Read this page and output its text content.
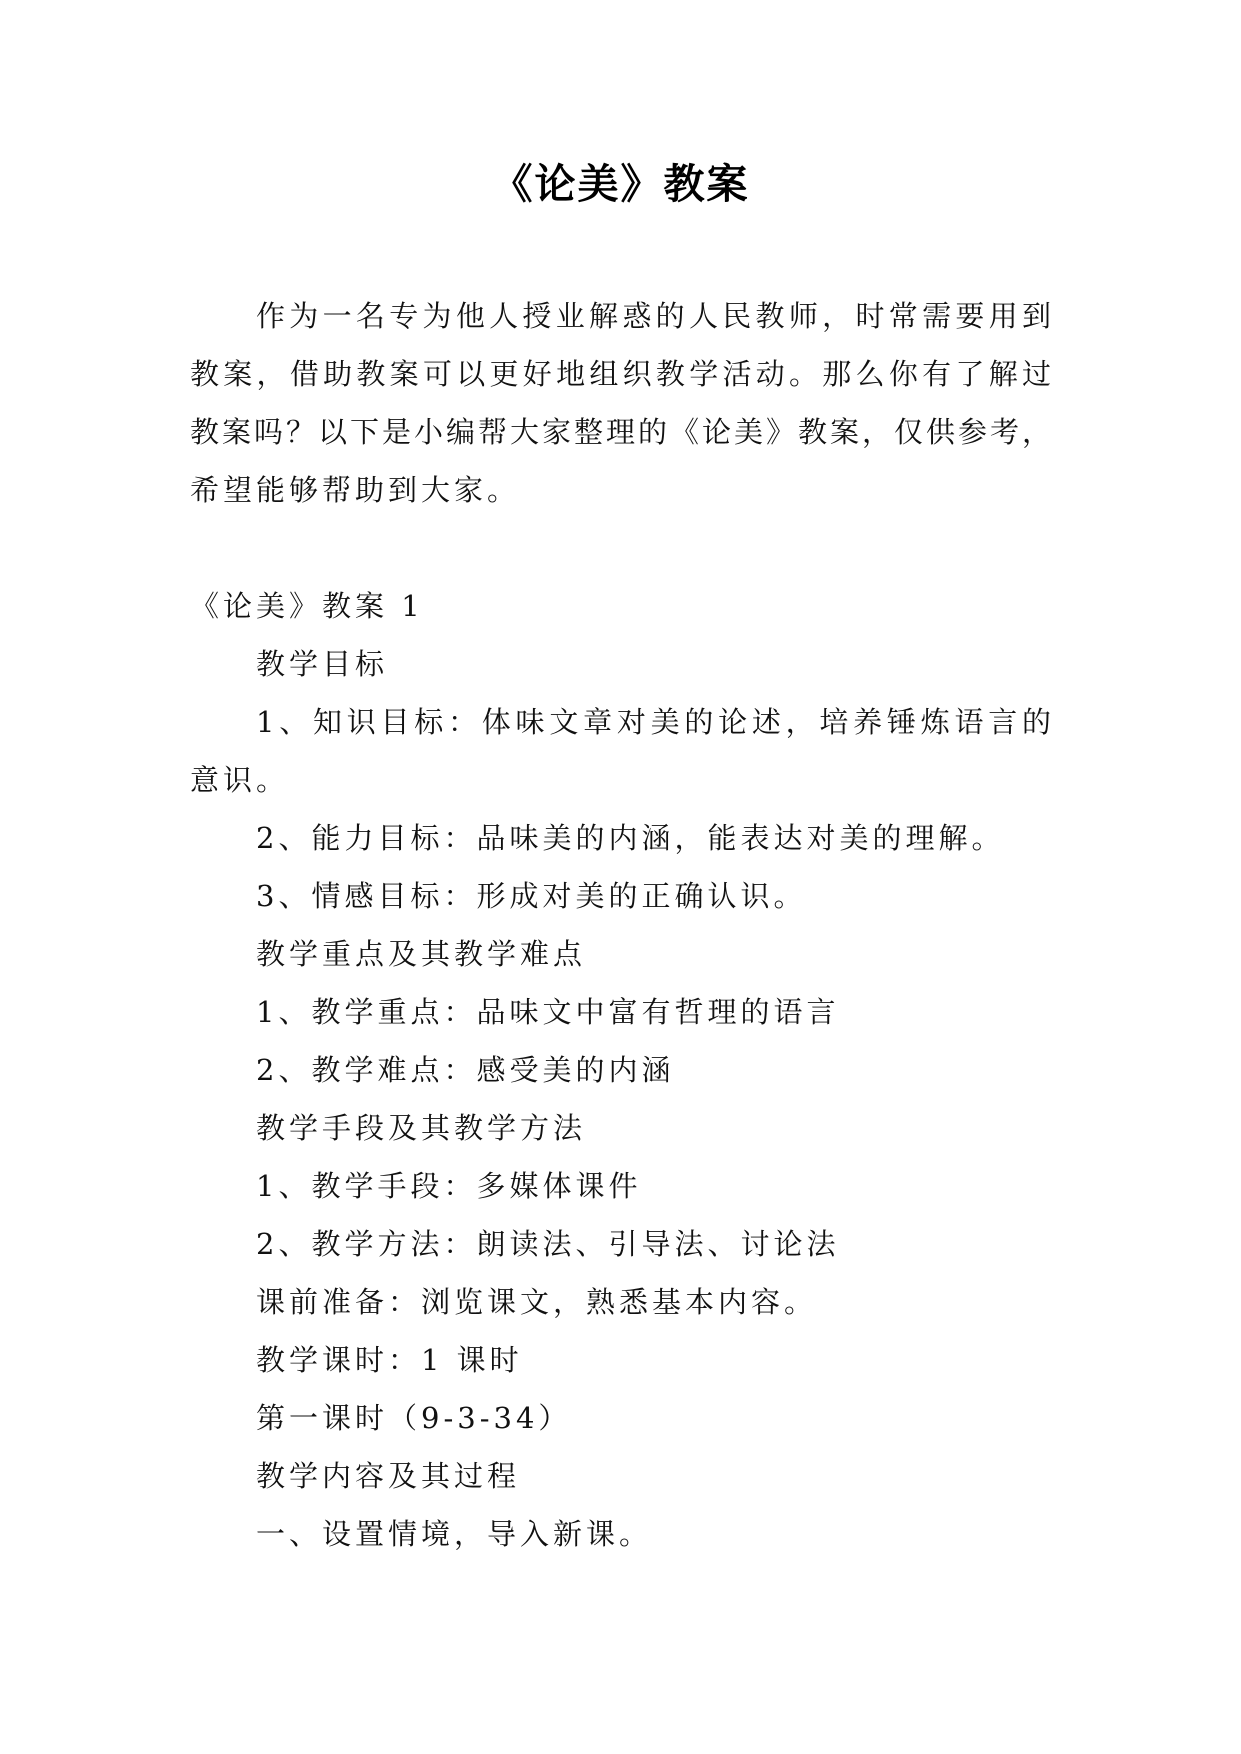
《论美》教案
作为一名专为他人授业解惑的人民教师，时常需要用到
教案，借助教案可以更好地组织教学活动。那么你有了解过
教案吗？以下是小编帮大家整理的《论美》教案，仅供参考，
希望能够帮助到大家。
《论美》教案 1
教学目标
1、知识目标：体味文章对美的论述，培养锤炼语言的
意识。
2、能力目标：品味美的内涵，能表达对美的理解。
3、情感目标：形成对美的正确认识。
教学重点及其教学难点
1、教学重点：品味文中富有哲理的语言
2、教学难点：感受美的内涵
教学手段及其教学方法
1、教学手段：多媒体课件
2、教学方法：朗读法、引导法、讨论法
课前准备：浏览课文，熟悉基本内容。
教学课时：1 课时
第一课时（9-3-34）
教学内容及其过程
一、设置情境，导入新课。
